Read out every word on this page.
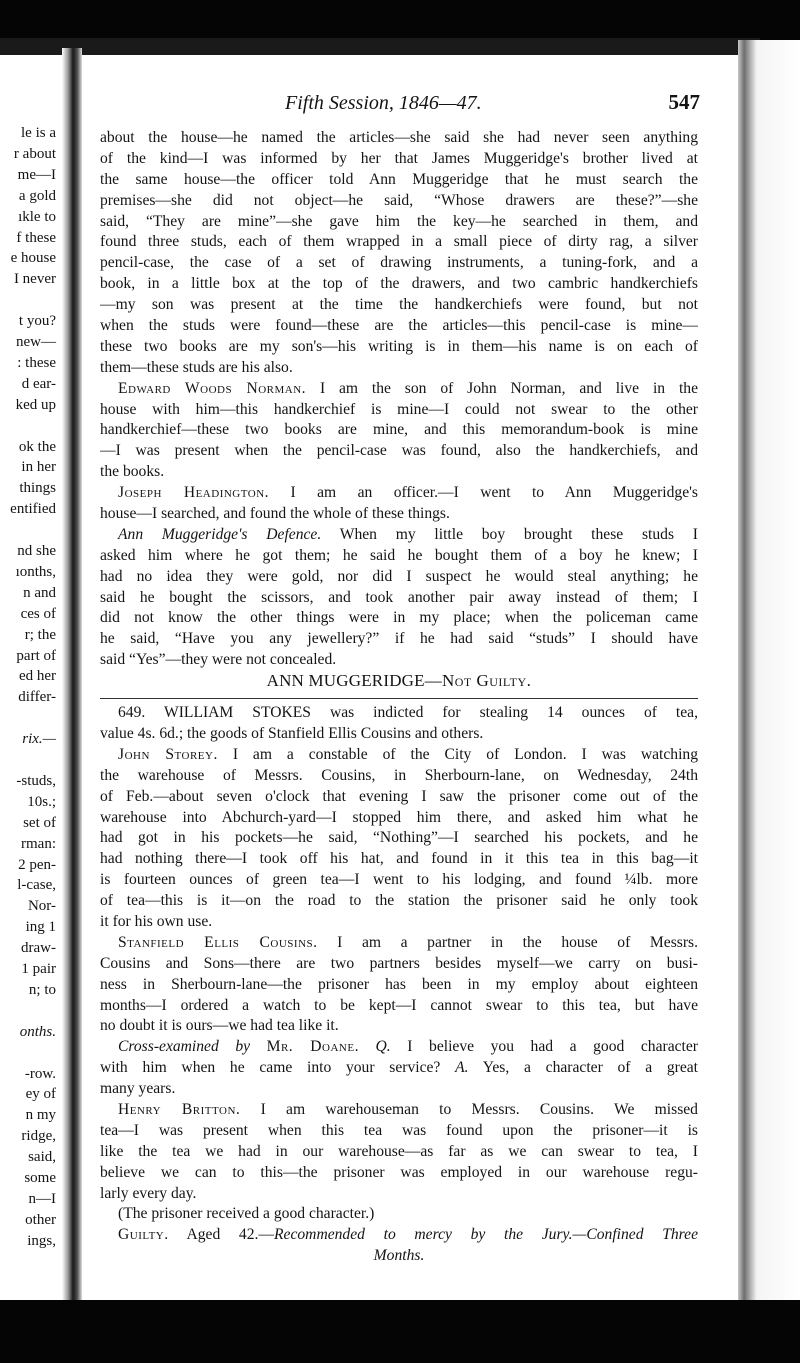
le is a
r about
me—I
a gold
ıkle to
f these
e house
I never
t you?
new—
: these
d ear-
ked up
ok the
in her
things
entified
nd she
ıonths,
n and
ces of
r; the
part of
ed her
differ-
rix.—
-studs,
10s.;
set of
rman:
2 pen-
l-case,
Nor-
ing 1
draw-
1 pair
n; to
onths.
-row.
ey of
n my
ridge,
said,
some
n—I
other
ings,
Fifth Session, 1846—47.	547
about the house—he named the articles—she said she had never seen anything
of the kind—I was informed by her that James Muggeridge's brother lived at
the same house—the officer told Ann Muggeridge that he must search the
premises—she did not object—he said, “Whose drawers are these?”—she
said, “They are mine”—she gave him the key—he searched in them, and
found three studs, each of them wrapped in a small piece of dirty rag, a silver
pencil-case, the case of a set of drawing instruments, a tuning-fork, and a
book, in a little box at the top of the drawers, and two cambric handkerchiefs
—my son was present at the time the handkerchiefs were found, but not
when the studs were found—these are the articles—this pencil-case is mine—
these two books are my son's—his writing is in them—his name is on each of
them—these studs are his also.
Edward Woods Norman. I am the son of John Norman, and live in the
house with him—this handkerchief is mine—I could not swear to the other
handkerchief—these two books are mine, and this memorandum-book is mine
—I was present when the pencil-case was found, also the handkerchiefs, and
the books.
Joseph Headington. I am an officer.—I went to Ann Muggeridge's
house—I searched, and found the whole of these things.
Ann Muggeridge's Defence. When my little boy brought these studs I
asked him where he got them; he said he bought them of a boy he knew; I
had no idea they were gold, nor did I suspect he would steal anything; he
said he bought the scissors, and took another pair away instead of them; I
did not know the other things were in my place; when the policeman came
he said, “Have you any jewellery?” if he had said “studs” I should have
said “Yes”—they were not concealed.
ANN MUGGERIDGE—Not Guilty.
649. WILLIAM STOKES was indicted for stealing 14 ounces of tea,
value 4s. 6d.; the goods of Stanfield Ellis Cousins and others.
John Storey. I am a constable of the City of London. I was watching
the warehouse of Messrs. Cousins, in Sherbourn-lane, on Wednesday, 24th
of Feb.—about seven o'clock that evening I saw the prisoner come out of the
warehouse into Abchurch-yard—I stopped him there, and asked him what he
had got in his pockets—he said, “Nothing”—I searched his pockets, and he
had nothing there—I took off his hat, and found in it this tea in this bag—it
is fourteen ounces of green tea—I went to his lodging, and found ¼lb. more
of tea—this is it—on the road to the station the prisoner said he only took
it for his own use.
Stanfield Ellis Cousins. I am a partner in the house of Messrs.
Cousins and Sons—there are two partners besides myself—we carry on busi-
ness in Sherbourn-lane—the prisoner has been in my employ about eighteen
months—I ordered a watch to be kept—I cannot swear to this tea, but have
no doubt it is ours—we had tea like it.
Cross-examined by Mr. Doane. Q. I believe you had a good character
with him when he came into your service? A. Yes, a character of a great
many years.
Henry Britton. I am warehouseman to Messrs. Cousins. We missed
tea—I was present when this tea was found upon the prisoner—it is
like the tea we had in our warehouse—as far as we can swear to tea, I
believe we can to this—the prisoner was employed in our warehouse regu-
larly every day.
(The prisoner received a good character.)
Guilty. Aged 42.—Recommended to mercy by the Jury.—Confined Three
Months.
